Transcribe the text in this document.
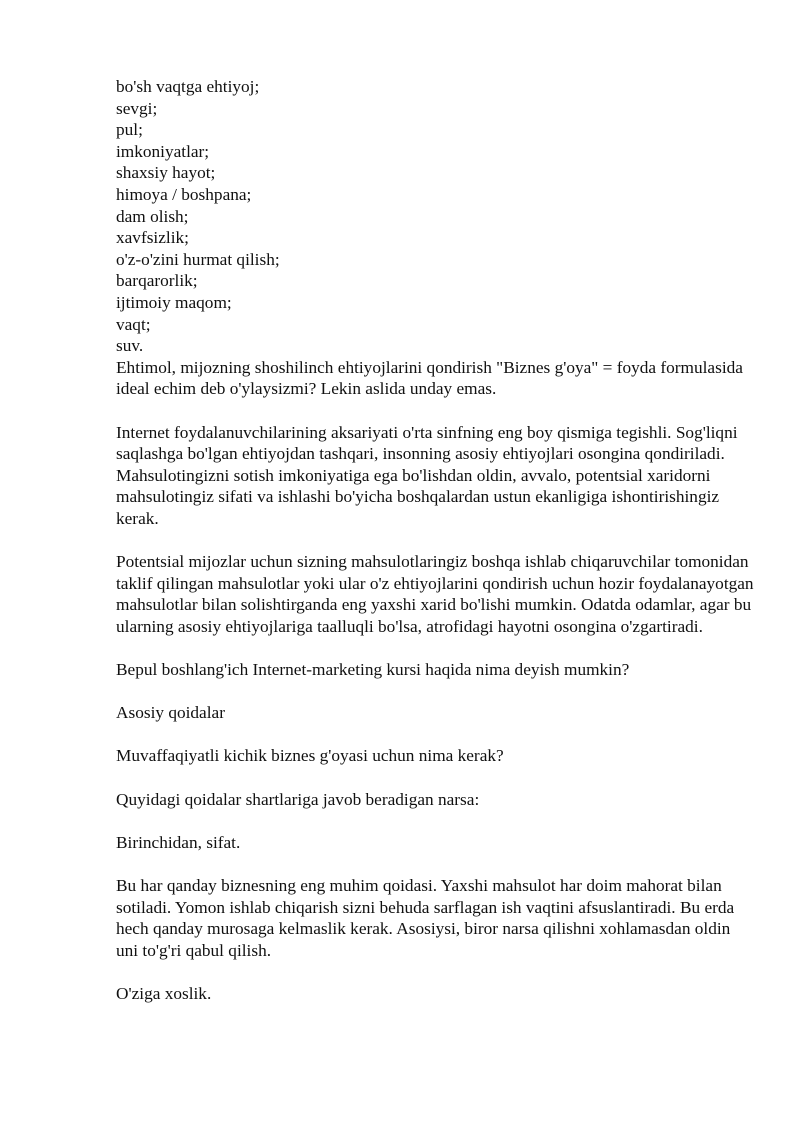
bo'sh vaqtga ehtiyoj;
sevgi;
pul;
imkoniyatlar;
shaxsiy hayot;
himoya / boshpana;
dam olish;
xavfsizlik;
o'z-o'zini hurmat qilish;
barqarorlik;
ijtimoiy maqom;
vaqt;
suv.

Ehtimol, mijozning shoshilinch ehtiyojlarini qondirish "Biznes g'oya" = foyda formulasida ideal echim deb o'ylaysizmi? Lekin aslida unday emas.

Internet foydalanuvchilarining aksariyati o'rta sinfning eng boy qismiga tegishli. Sog'liqni saqlashga bo'lgan ehtiyojdan tashqari, insonning asosiy ehtiyojlari osongina qondiriladi. Mahsulotingizni sotish imkoniyatiga ega bo'lishdan oldin, avvalo, potentsial xaridorni mahsulotingiz sifati va ishlashi bo'yicha boshqalardan ustun ekanligiga ishontirishingiz kerak.

Potentsial mijozlar uchun sizning mahsulotlaringiz boshqa ishlab chiqaruvchilar tomonidan taklif qilingan mahsulotlar yoki ular o'z ehtiyojlarini qondirish uchun hozir foydalanayotgan mahsulotlar bilan solishtirganda eng yaxshi xarid bo'lishi mumkin. Odatda odamlar, agar bu ularning asosiy ehtiyojlariga taalluqli bo'lsa, atrofidagi hayotni osongina o'zgartiradi.

Bepul boshlang'ich Internet-marketing kursi haqida nima deyish mumkin?

Asosiy qoidalar

Muvaffaqiyatli kichik biznes g'oyasi uchun nima kerak?

Quyidagi qoidalar shartlariga javob beradigan narsa:

Birinchidan, sifat.

Bu har qanday biznesning eng muhim qoidasi. Yaxshi mahsulot har doim mahorat bilan sotiladi. Yomon ishlab chiqarish sizni behuda sarflagan ish vaqtini afsuslantiradi. Bu erda hech qanday murosaga kelmaslik kerak. Asosiysi, biror narsa qilishni xohlamasdan oldin uni to'g'ri qabul qilish.

O'ziga xoslik.
